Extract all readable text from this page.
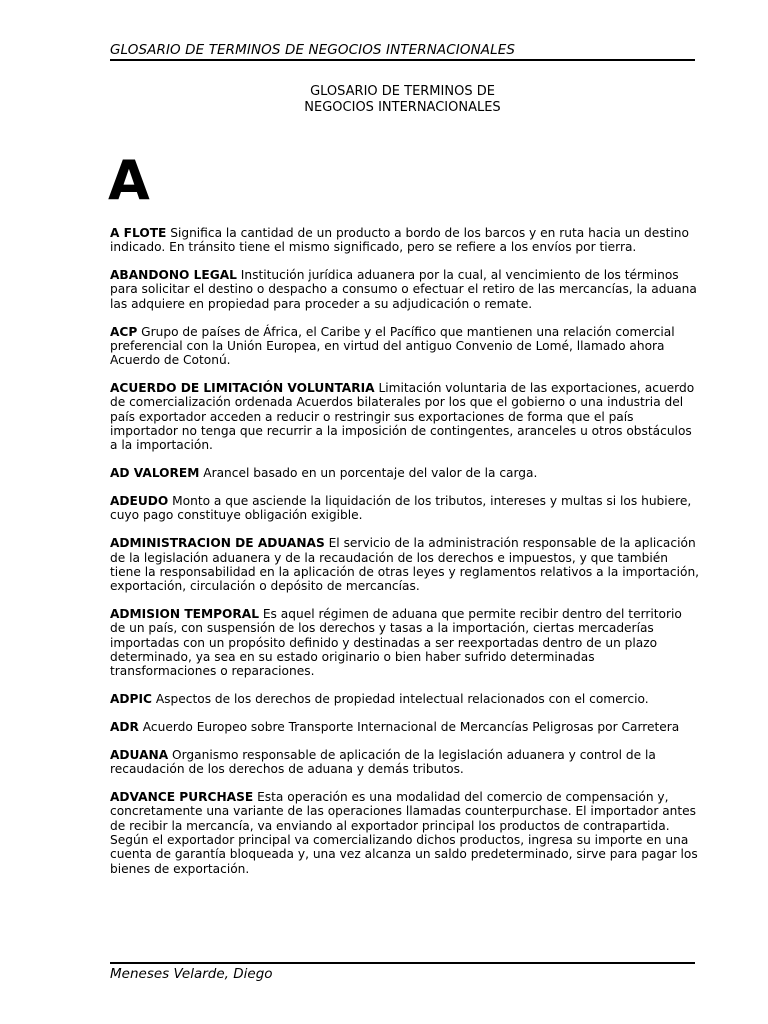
GLOSARIO DE TERMINOS DE NEGOCIOS INTERNACIONALES
GLOSARIO DE TERMINOS DE
NEGOCIOS INTERNACIONALES
A

A FLOTE Significa la cantidad de un producto a bordo de los barcos y en ruta hacia un destino indicado. En tránsito tiene el mismo significado, pero se refiere a los envíos por tierra.

ABANDONO LEGAL Institución jurídica aduanera por la cual, al vencimiento de los términos para solicitar el destino o despacho a consumo o efectuar el retiro de las mercancías, la aduana las adquiere en propiedad para proceder a su adjudicación o remate.

ACP Grupo de países de África, el Caribe y el Pacífico que mantienen una relación comercial preferencial con la Unión Europea, en virtud del antiguo Convenio de Lomé, llamado ahora Acuerdo de Cotonú.

ACUERDO DE LIMITACIÓN VOLUNTARIA Limitación voluntaria de las exportaciones, acuerdo de comercialización ordenada Acuerdos bilaterales por los que el gobierno o una industria del país exportador acceden a reducir o restringir sus exportaciones de forma que el país importador no tenga que recurrir a la imposición de contingentes, aranceles u otros obstáculos a la importación.

AD VALOREM Arancel basado en un porcentaje del valor de la carga.

ADEUDO Monto a que asciende la liquidación de los tributos, intereses y multas si los hubiere, cuyo pago constituye obligación exigible.

ADMINISTRACION DE ADUANAS El servicio de la administración responsable de la aplicación de la legislación aduanera y de la recaudación de los derechos e impuestos, y que también tiene la responsabilidad en la aplicación de otras leyes y reglamentos relativos a la importación, exportación, circulación o depósito de mercancías.

ADMISION TEMPORAL Es aquel régimen de aduana que permite recibir dentro del territorio de un país, con suspensión de los derechos y tasas a la importación, ciertas mercaderías importadas con un propósito definido y destinadas a ser reexportadas dentro de un plazo determinado, ya sea en su estado originario o bien haber sufrido determinadas transformaciones o reparaciones.

ADPIC Aspectos de los derechos de propiedad intelectual relacionados con el comercio.

ADR Acuerdo Europeo sobre Transporte Internacional de Mercancías Peligrosas por Carretera

ADUANA Organismo responsable de aplicación de la legislación aduanera y control de la recaudación de los derechos de aduana y demás tributos.

ADVANCE PURCHASE Esta operación es una modalidad del comercio de compensación y, concretamente una variante de las operaciones llamadas counterpurchase. El importador antes de recibir la mercancía, va enviando al exportador principal los productos de contrapartida. Según el exportador principal va comercializando dichos productos, ingresa su importe en una cuenta de garantía bloqueada y, una vez alcanza un saldo predeterminado, sirve para pagar los bienes de exportación.

Meneses Velarde, Diego
